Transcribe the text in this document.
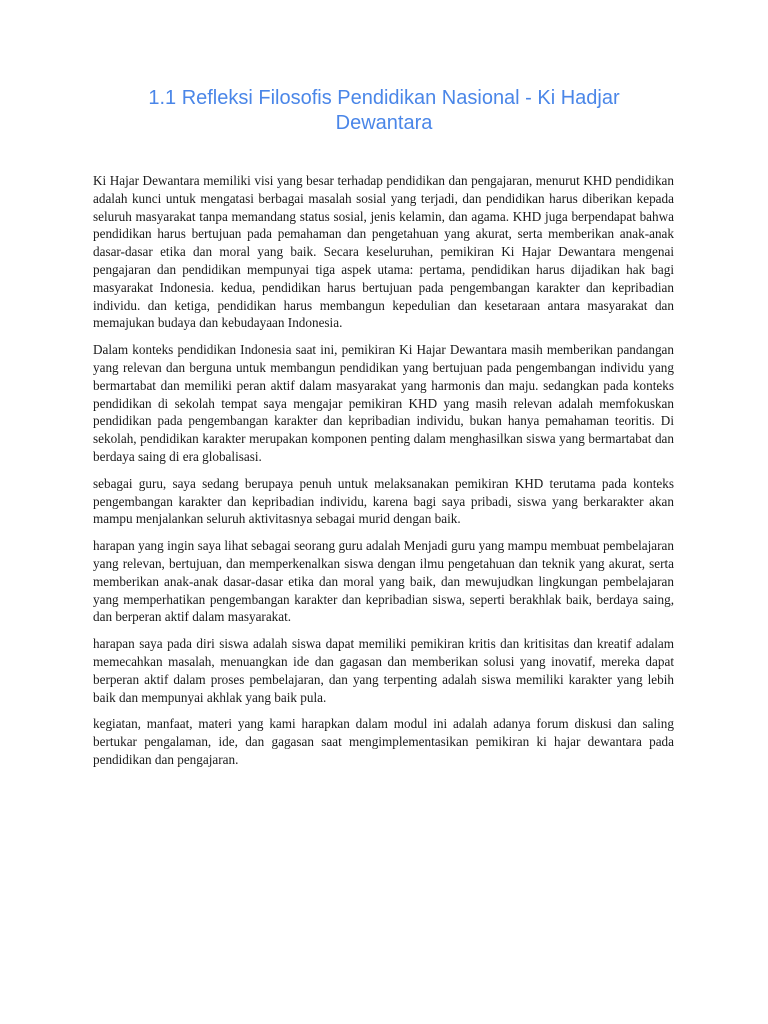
1.1 Refleksi Filosofis Pendidikan Nasional - Ki Hadjar Dewantara

Ki Hajar Dewantara memiliki visi yang besar terhadap pendidikan dan pengajaran, menurut KHD pendidikan adalah kunci untuk mengatasi berbagai masalah sosial yang terjadi, dan pendidikan harus diberikan kepada seluruh masyarakat tanpa memandang status sosial, jenis kelamin, dan agama. KHD juga berpendapat bahwa pendidikan harus bertujuan pada pemahaman dan pengetahuan yang akurat, serta memberikan anak-anak dasar-dasar etika dan moral yang baik. Secara keseluruhan, pemikiran Ki Hajar Dewantara mengenai pengajaran dan pendidikan mempunyai tiga aspek utama: pertama, pendidikan harus dijadikan hak bagi masyarakat Indonesia. kedua, pendidikan harus bertujuan pada pengembangan karakter dan kepribadian individu. dan ketiga, pendidikan harus membangun kepedulian dan kesetaraan antara masyarakat dan memajukan budaya dan kebudayaan Indonesia.

Dalam konteks pendidikan Indonesia saat ini, pemikiran Ki Hajar Dewantara masih memberikan pandangan yang relevan dan berguna untuk membangun pendidikan yang bertujuan pada pengembangan individu yang bermartabat dan memiliki peran aktif dalam masyarakat yang harmonis dan maju. sedangkan pada konteks pendidikan di sekolah tempat saya mengajar pemikiran KHD yang masih relevan adalah memfokuskan pendidikan pada pengembangan karakter dan kepribadian individu, bukan hanya pemahaman teoritis. Di sekolah, pendidikan karakter merupakan komponen penting dalam menghasilkan siswa yang bermartabat dan berdaya saing di era globalisasi.

sebagai guru, saya sedang berupaya penuh untuk melaksanakan pemikiran KHD terutama pada konteks pengembangan karakter dan kepribadian individu, karena bagi saya pribadi, siswa yang berkarakter akan mampu menjalankan seluruh aktivitasnya sebagai murid dengan baik.

harapan yang ingin saya lihat sebagai seorang guru adalah Menjadi guru yang mampu membuat pembelajaran yang relevan, bertujuan, dan memperkenalkan siswa dengan ilmu pengetahuan dan teknik yang akurat, serta memberikan anak-anak dasar-dasar etika dan moral yang baik, dan mewujudkan lingkungan pembelajaran yang memperhatikan pengembangan karakter dan kepribadian siswa, seperti berakhlak baik, berdaya saing, dan berperan aktif dalam masyarakat.

harapan saya pada diri siswa adalah siswa dapat memiliki pemikiran kritis dan kritisitas dan kreatif adalam memecahkan masalah, menuangkan ide dan gagasan dan memberikan solusi yang inovatif, mereka dapat berperan aktif dalam proses pembelajaran, dan yang terpenting adalah siswa memiliki karakter yang lebih baik dan mempunyai akhlak yang baik pula.

kegiatan, manfaat, materi yang kami harapkan dalam modul ini adalah adanya forum diskusi dan saling bertukar pengalaman, ide, dan gagasan saat mengimplementasikan pemikiran ki hajar dewantara pada pendidikan dan pengajaran.
